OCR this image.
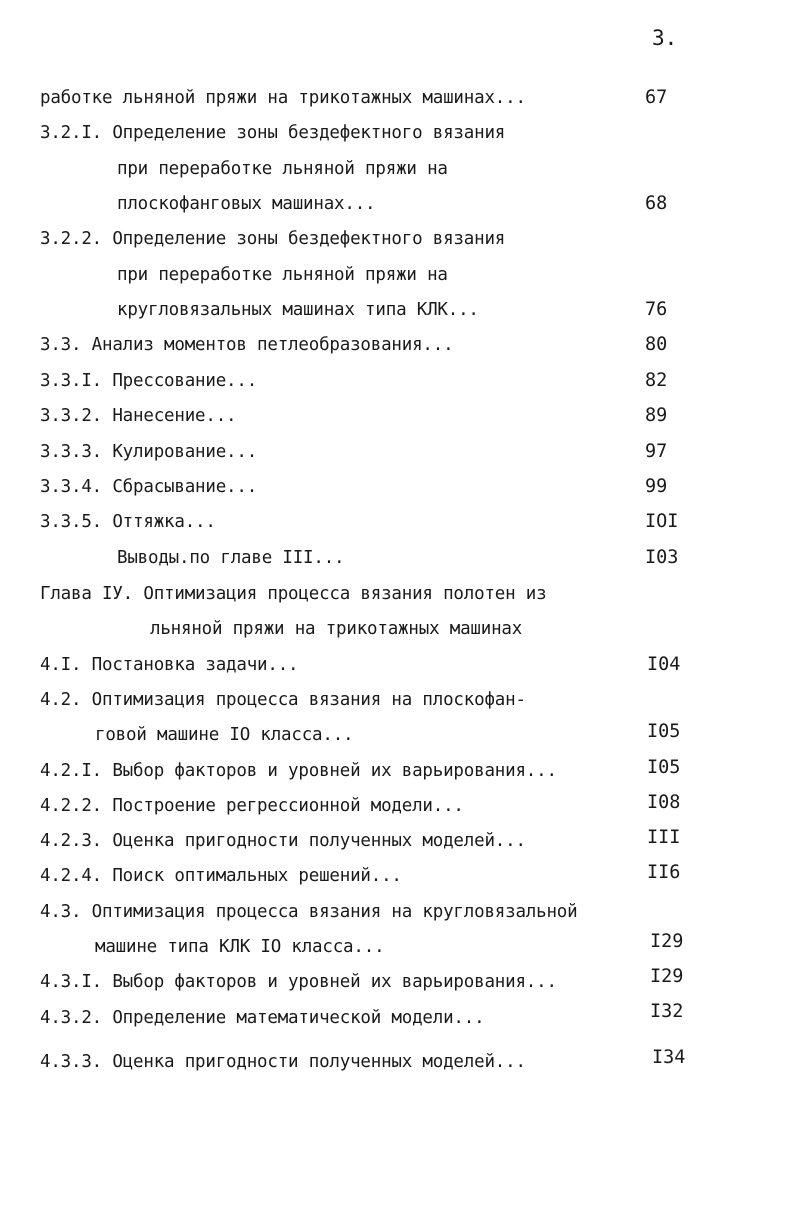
3.
работке льняной пряжи на трикотажных машинах...
3.2.I. Определение зоны бездефектного вязания
при переработке льняной пряжи на
плоскофанговых машинах...
3.2.2. Определение зоны бездефектного вязания
при переработке льняной пряжи на
кругловязальных машинах типа КЛК...
3.3. Анализ моментов петлеобразования...
3.3.I. Прессование...
3.3.2. Нанесение...
3.3.3. Кулирование...
3.3.4. Сбрасывание...
3.3.5. Оттяжка...
Выводы.по главе III...
Глава IУ. Оптимизация процесса вязания полотен из
льняной пряжи на трикотажных машинах
4.I. Постановка задачи...
4.2. Оптимизация процесса вязания на плоскофан-
говой машине IO класса...
4.2.I. Выбор факторов и уровней их варьирования...
4.2.2. Построение регрессионной модели...
4.2.3. Оценка пригодности полученных моделей...
4.2.4. Поиск оптимальных решений...
4.3. Оптимизация процесса вязания на кругловязальной
машине типа КЛК IO класса...
4.3.I. Выбор факторов и уровней их варьирования...
4.3.2. Определение математической модели...
4.3.3. Оценка пригодности полученных моделей...
67
68
76
80
82
89
97
99
IOI
I03
I04
I05
I05
I08
III
II6
I29
I29
I32
I34
